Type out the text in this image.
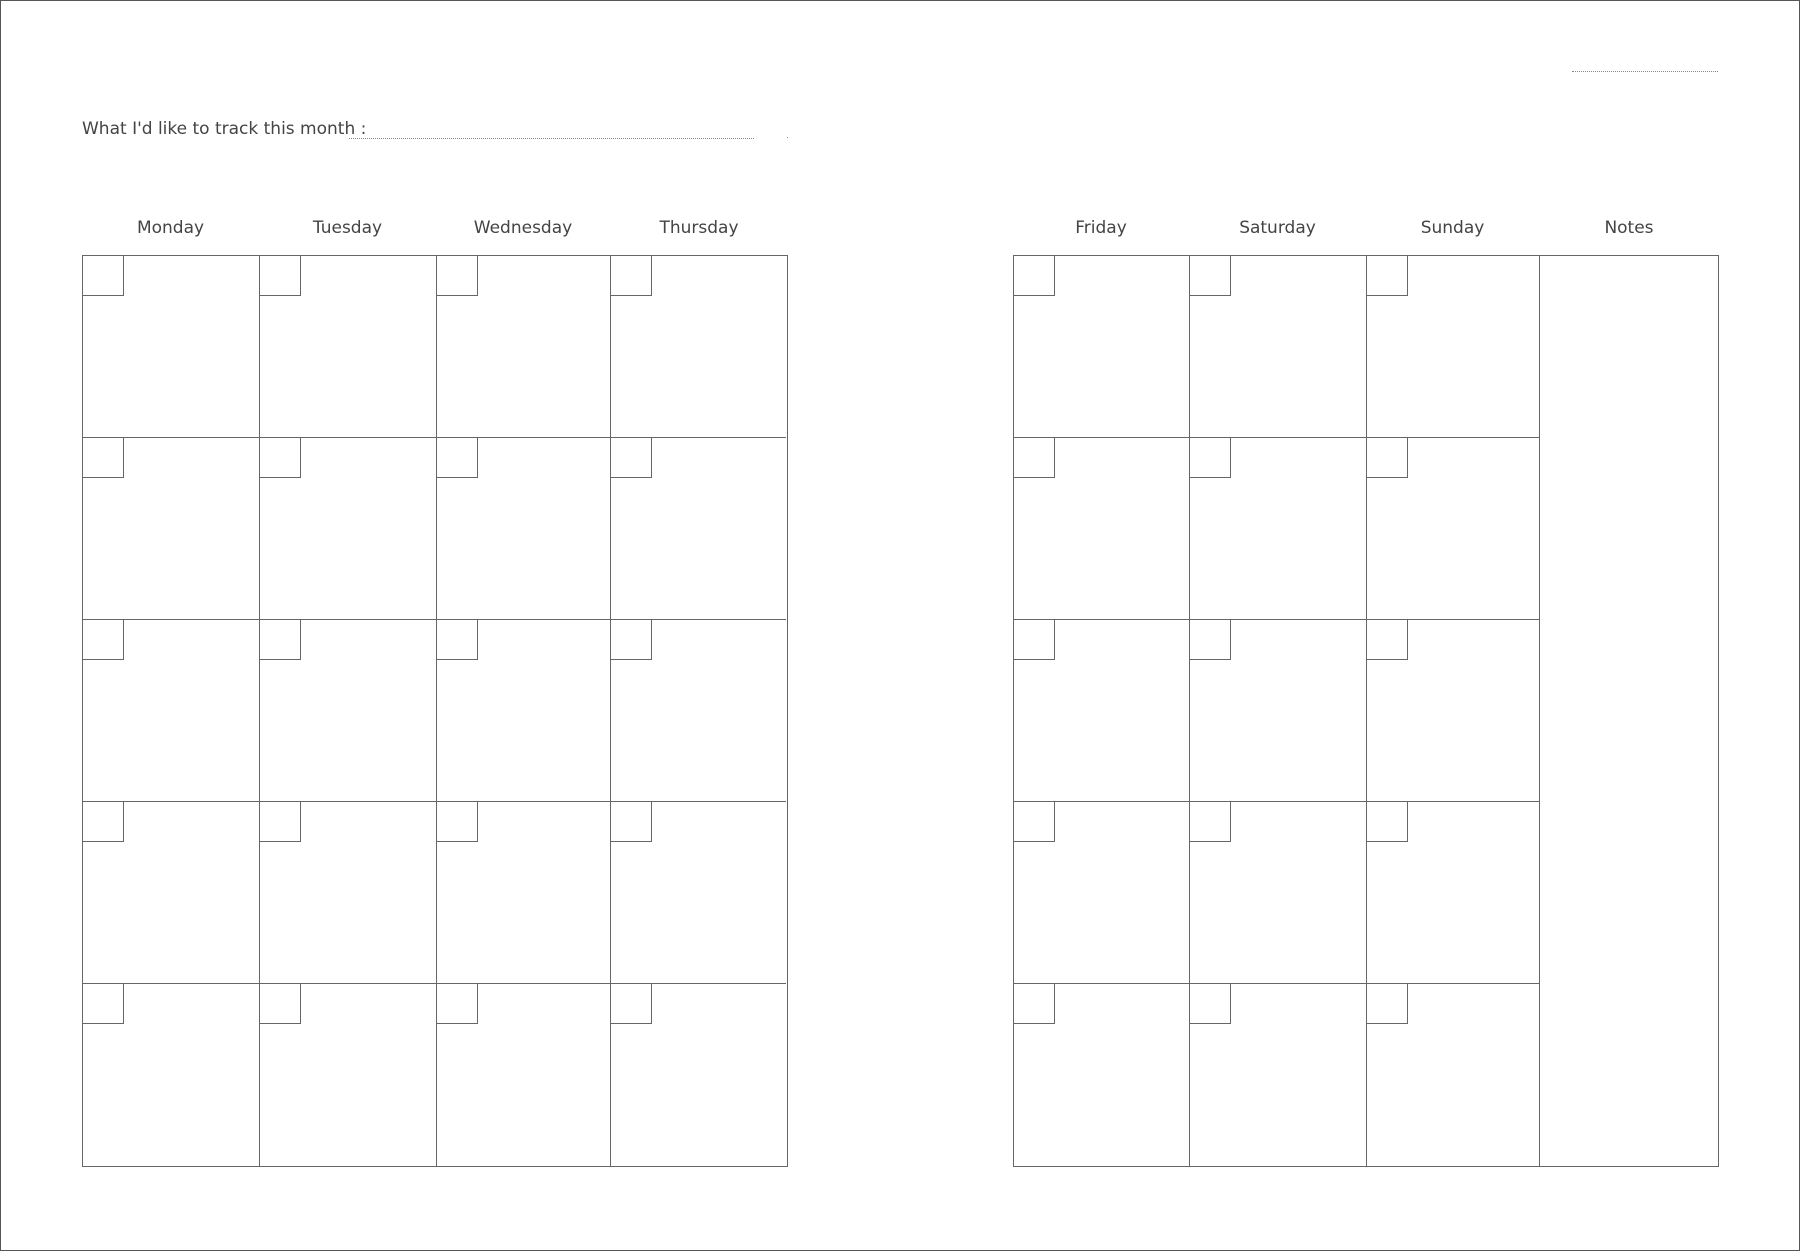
What I'd like to track this month :
Monday	Tuesday	Wednesday	Thursday	Friday	Saturday	Sunday	Notes
